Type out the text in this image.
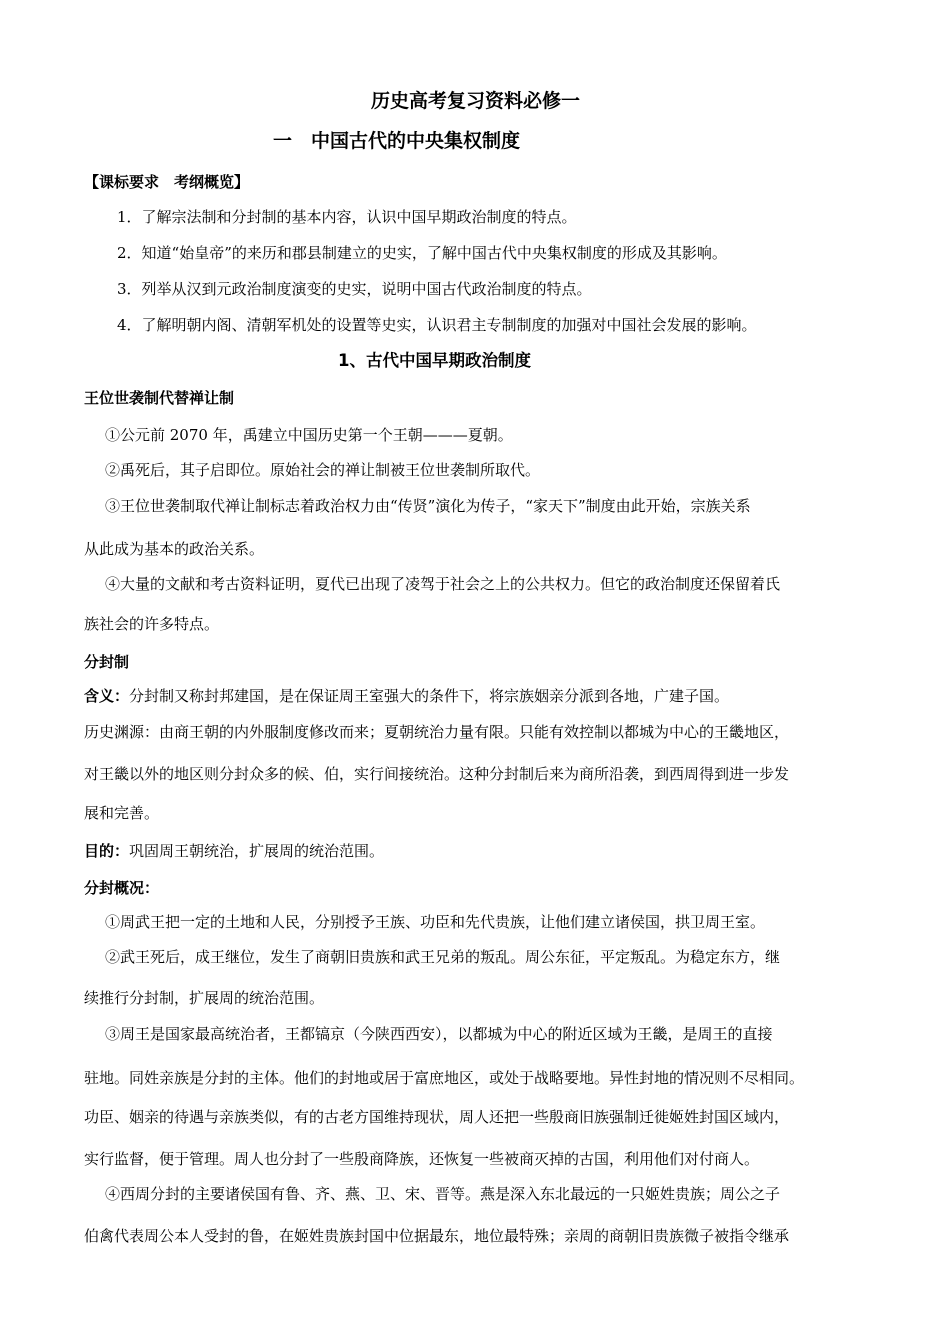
历史高考复习资料必修一
一　中国古代的中央集权制度
【课标要求　考纲概览】
1．了解宗法制和分封制的基本内容，认识中国早期政治制度的特点。
2．知道“始皇帝”的来历和郡县制建立的史实，了解中国古代中央集权制度的形成及其影响。
3．列举从汉到元政治制度演变的史实，说明中国古代政治制度的特点。
4．了解明朝内阁、清朝军机处的设置等史实，认识君主专制制度的加强对中国社会发展的影响。
1、古代中国早期政治制度
王位世袭制代替禅让制
①公元前 2070 年，禹建立中国历史第一个王朝———夏朝。
②禹死后，其子启即位。原始社会的禅让制被王位世袭制所取代。
③王位世袭制取代禅让制标志着政治权力由“传贤”演化为传子，“家天下”制度由此开始，宗族关系
从此成为基本的政治关系。
④大量的文献和考古资料证明，夏代已出现了凌驾于社会之上的公共权力。但它的政治制度还保留着氏
族社会的许多特点。
分封制
含义：分封制又称封邦建国，是在保证周王室强大的条件下，将宗族姻亲分派到各地，广建子国。
历史渊源：由商王朝的内外服制度修改而来；夏朝统治力量有限。只能有效控制以都城为中心的王畿地区，
对王畿以外的地区则分封众多的候、伯，实行间接统治。这种分封制后来为商所沿袭，到西周得到进一步发
展和完善。
目的：巩固周王朝统治，扩展周的统治范围。
分封概况：
①周武王把一定的土地和人民，分别授予王族、功臣和先代贵族，让他们建立诸侯国，拱卫周王室。
②武王死后，成王继位，发生了商朝旧贵族和武王兄弟的叛乱。周公东征，平定叛乱。为稳定东方，继
续推行分封制，扩展周的统治范围。
③周王是国家最高统治者，王都镐京（今陕西西安），以都城为中心的附近区域为王畿，是周王的直接
驻地。同姓亲族是分封的主体。他们的封地或居于富庶地区，或处于战略要地。异性封地的情况则不尽相同。
功臣、姻亲的待遇与亲族类似，有的古老方国维持现状，周人还把一些殷商旧族强制迁徙姬姓封国区域内，
实行监督，便于管理。周人也分封了一些殷商降族，还恢复一些被商灭掉的古国，利用他们对付商人。
④西周分封的主要诸侯国有鲁、齐、燕、卫、宋、晋等。燕是深入东北最远的一只姬姓贵族；周公之子
伯禽代表周公本人受封的鲁，在姬姓贵族封国中位据最东，地位最特殊；亲周的商朝旧贵族微子被指令继承
